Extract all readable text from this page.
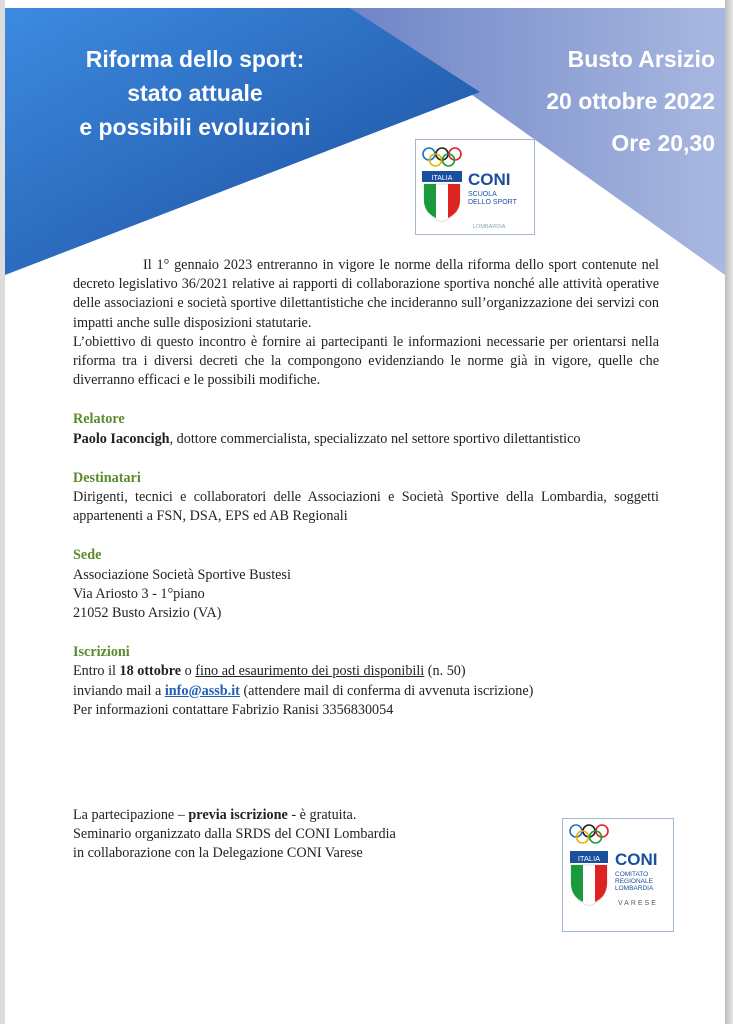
Riforma dello sport:
stato attuale
e possibili evoluzioni
Busto Arsizio
20 ottobre 2022
Ore 20,30
ITALIA CONI
SCUOLA
DELLO SPORT
LOMBARDIA

Il 1° gennaio 2023 entreranno in vigore le norme della riforma dello sport contenute nel decreto legislativo 36/2021 relative ai rapporti di collaborazione sportiva nonché alle attività operative delle associazioni e società sportive dilettantistiche che incideranno sull’organizzazione dei servizi con impatti anche sulle disposizioni statutarie.

L’obiettivo di questo incontro è fornire ai partecipanti le informazioni necessarie per orientarsi nella riforma tra i diversi decreti che la compongono evidenziando le norme già in vigore, quelle che diverranno efficaci e le possibili modifiche.

Relatore

Paolo Iaconcigh, dottore commercialista, specializzato nel settore sportivo dilettantistico

Destinatari

Dirigenti, tecnici e collaboratori delle Associazioni e Società Sportive della Lombardia, soggetti appartenenti a FSN, DSA, EPS ed AB Regionali

Sede

Associazione Società Sportive Bustesi

Via Ariosto 3 - 1°piano

21052 Busto Arsizio (VA)

Iscrizioni

Entro il 18 ottobre o fino ad esaurimento dei posti disponibili (n. 50)

inviando mail a info@assb.it (attendere mail di conferma di avvenuta iscrizione)

Per informazioni contattare Fabrizio Ranisi 3356830054

La partecipazione – previa iscrizione - è gratuita.

Seminario organizzato dalla SRDS del CONI Lombardia

in collaborazione con la Delegazione CONI Varese	ITALIA CONI
COMITATO
REGIONALE
LOMBARDIA
VARESE
